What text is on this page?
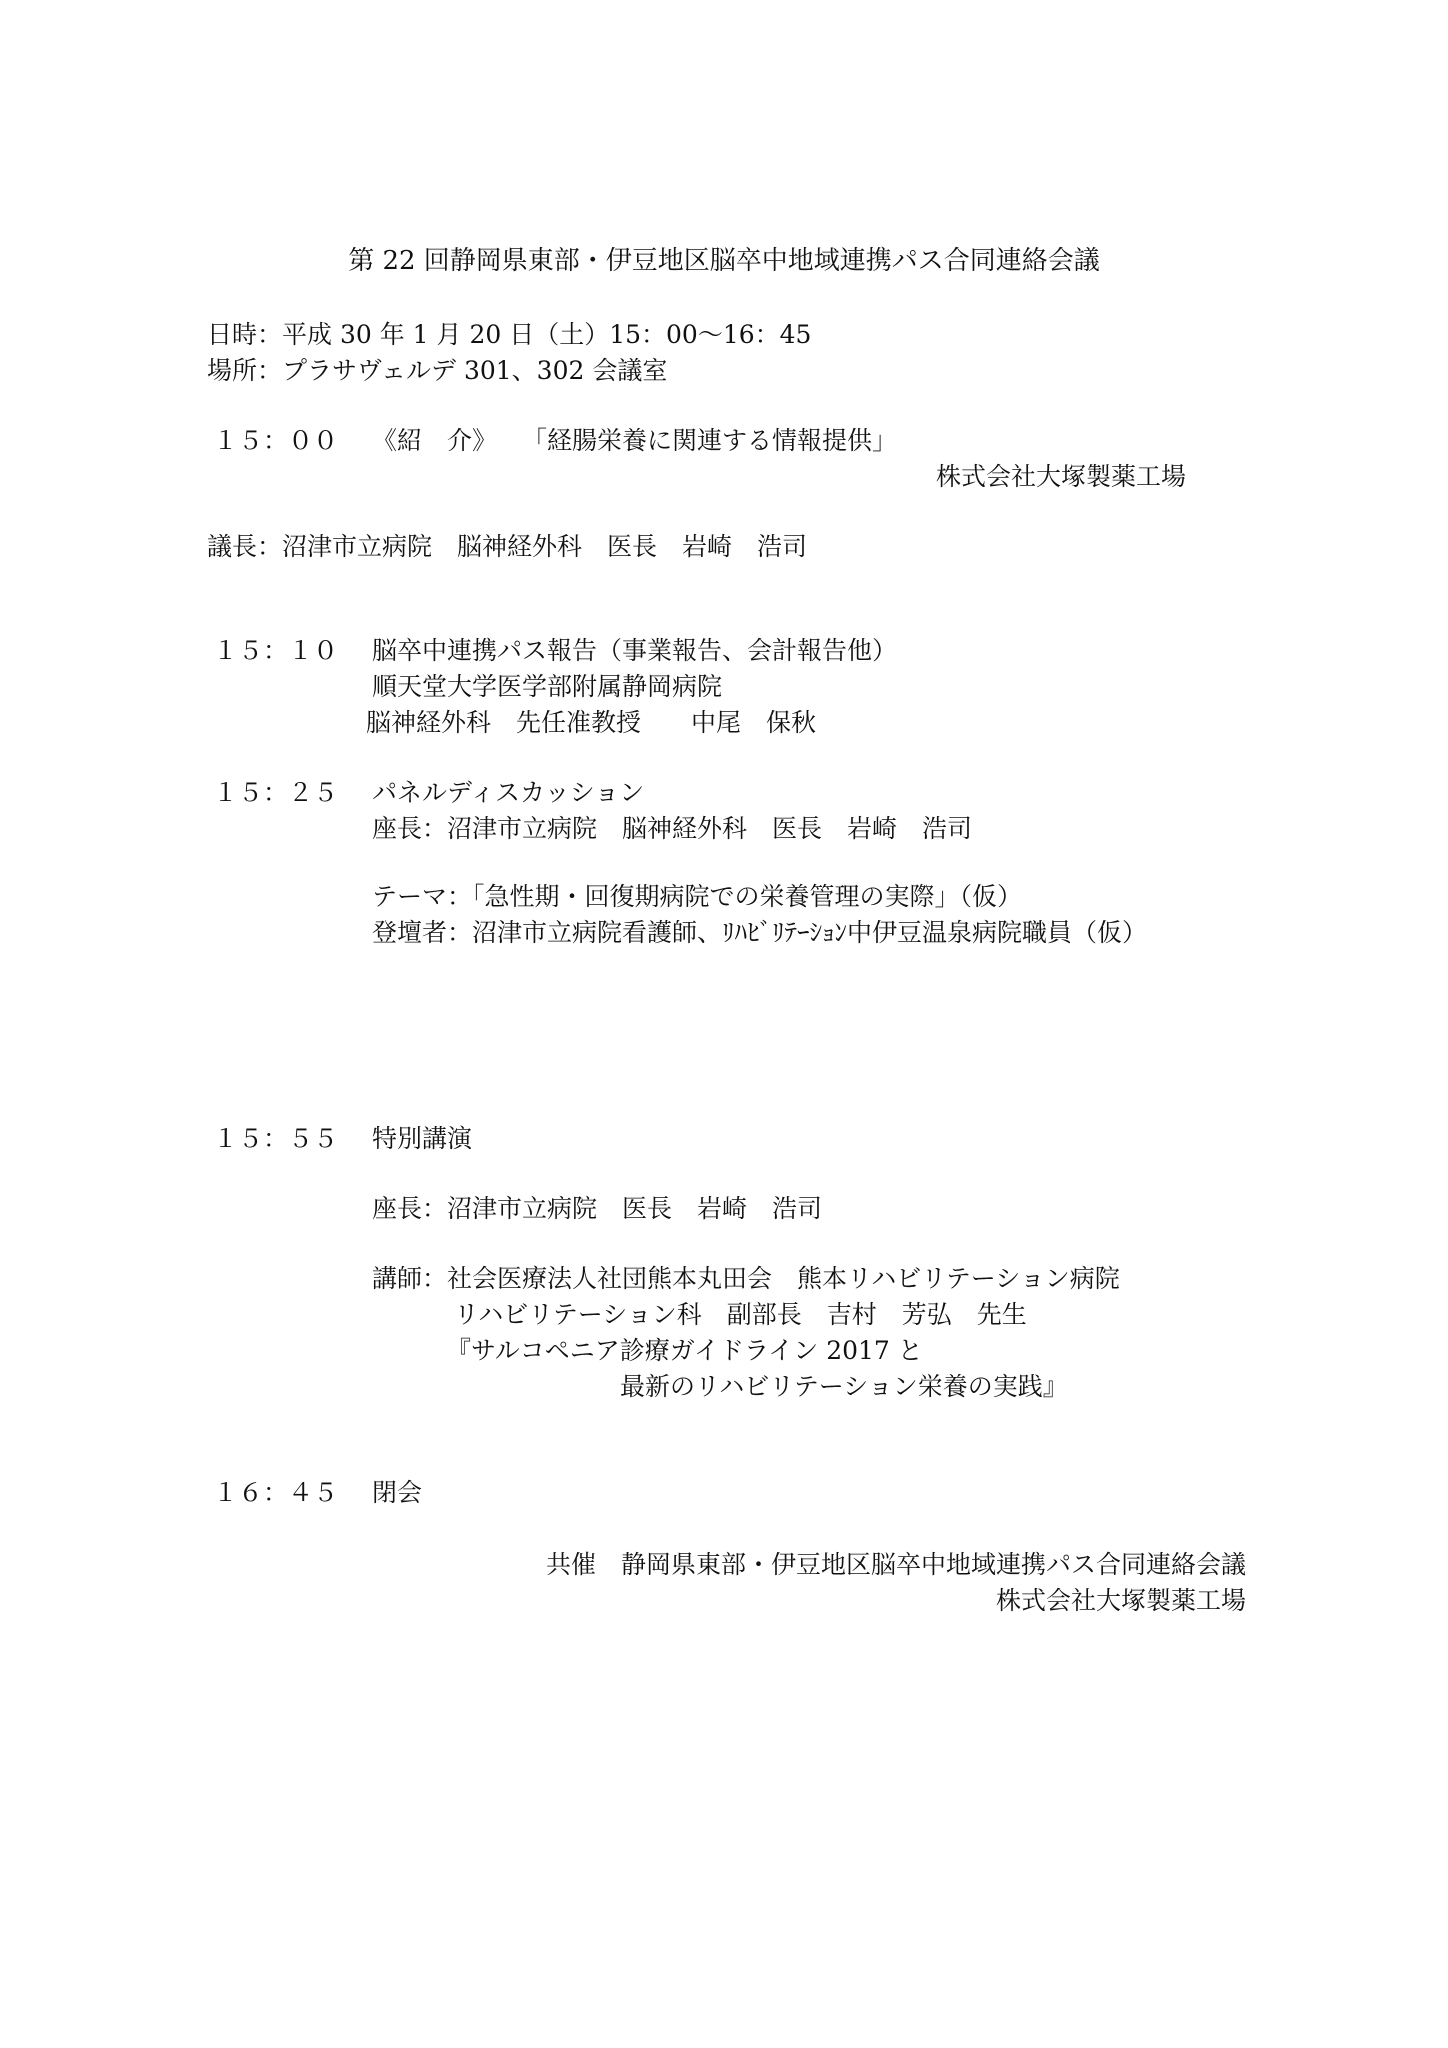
第 22 回静岡県東部・伊豆地区脳卒中地域連携パス合同連絡会議
日時：平成 30 年 1 月 20 日（土）15：00〜16：45
場所：プラサヴェルデ 301、302 会議室
１５：００ 《紹　介》 「経腸栄養に関連する情報提供」
株式会社大塚製薬工場
議長：沼津市立病院　脳神経外科　医長　岩崎　浩司
１５：１０ 脳卒中連携パス報告（事業報告、会計報告他）
順天堂大学医学部附属静岡病院
脳神経外科　先任准教授　　中尾　保秋
１５：２５ パネルディスカッション
座長：沼津市立病院　脳神経外科　医長　岩崎　浩司
テーマ：「急性期・回復期病院での栄養管理の実際」（仮）
登壇者：沼津市立病院看護師、ﾘﾊﾋﾞﾘﾃｰｼｮﾝ中伊豆温泉病院職員（仮）
１５：５５ 特別講演
座長：沼津市立病院　医長　岩崎　浩司
講師：社会医療法人社団熊本丸田会　熊本リハビリテーション病院
リハビリテーション科　副部長　吉村　芳弘　先生
『サルコペニア診療ガイドライン 2017 と
最新のリハビリテーション栄養の実践』
１６：４５ 閉会
共催　静岡県東部・伊豆地区脳卒中地域連携パス合同連絡会議
株式会社大塚製薬工場
